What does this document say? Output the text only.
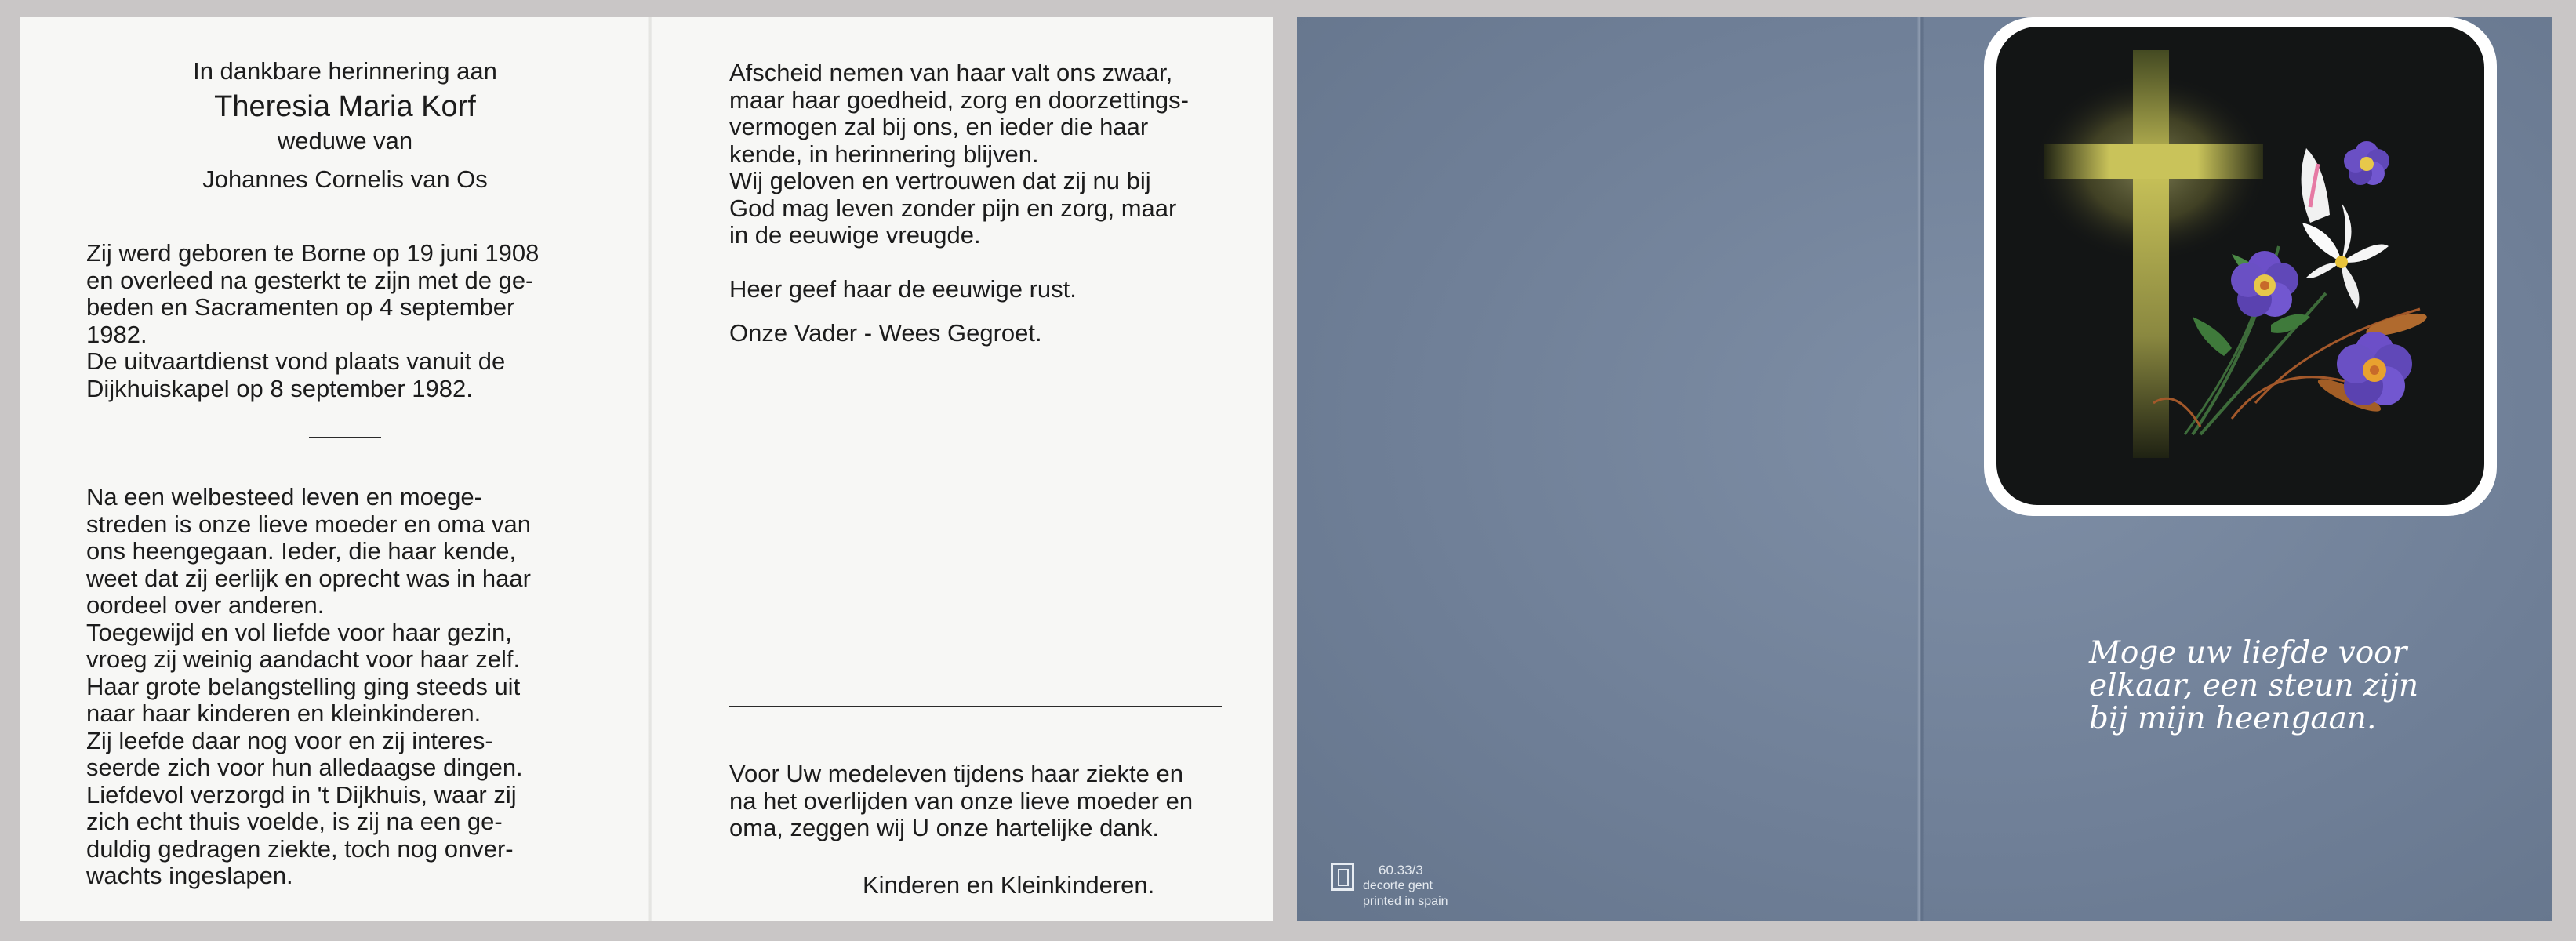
In dankbare herinnering aan
Theresia Maria Korf
weduwe van
Johannes Cornelis van Os

Zij werd geboren te Borne op 19 juni 1908
en overleed na gesterkt te zijn met de ge-
beden en Sacramenten op 4 september
1982.
De uitvaartdienst vond plaats vanuit de
Dijkhuiskapel op 8 september 1982.

Na een welbesteed leven en moege-
streden is onze lieve moeder en oma van
ons heengegaan. Ieder, die haar kende,
weet dat zij eerlijk en oprecht was in haar
oordeel over anderen.
Toegewijd en vol liefde voor haar gezin,
vroeg zij weinig aandacht voor haar zelf.
Haar grote belangstelling ging steeds uit
naar haar kinderen en kleinkinderen.
Zij leefde daar nog voor en zij interes-
seerde zich voor hun alledaagse dingen.
Liefdevol verzorgd in 't Dijkhuis, waar zij
zich echt thuis voelde, is zij na een ge-
duldig gedragen ziekte, toch nog onver-
wachts ingeslapen.

Afscheid nemen van haar valt ons zwaar,
maar haar goedheid, zorg en doorzettings-
vermogen zal bij ons, en ieder die haar
kende, in herinnering blijven.
Wij geloven en vertrouwen dat zij nu bij
God mag leven zonder pijn en zorg, maar
in de eeuwige vreugde.

Heer geef haar de eeuwige rust.

Onze Vader - Wees Gegroet.

Voor Uw medeleven tijdens haar ziekte en
na het overlijden van onze lieve moeder en
oma, zeggen wij U onze hartelijke dank.

Kinderen en Kleinkinderen.
Moge uw liefde voor
elkaar, een steun zijn
bij mijn heengaan.
60.33/3
decorte gent
printed in spain
